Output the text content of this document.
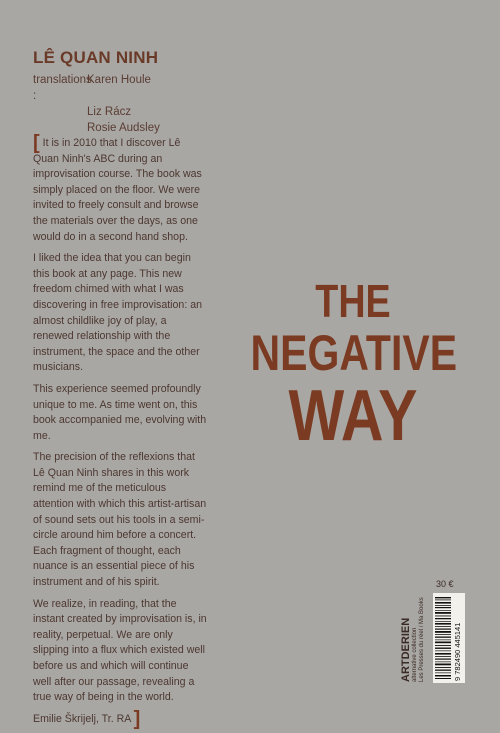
LÊ QUAN NINH
translations :
Karen Houle
Liz Rácz
Rosie Audsley

[ It is in 2010 that I discover Lê Quan Ninh's ABC during an improvisation course. The book was simply placed on the floor. We were invited to freely consult and browse the materials over the days, as one would do in a second hand shop.

I liked the idea that you can begin this book at any page. This new freedom chimed with what I was discovering in free improvisation: an almost childlike joy of play, a renewed relationship with the instrument, the space and the other musicians.

This experience seemed profoundly unique to me. As time went on, this book accompanied me, evolving with me.

The precision of the reflexions that Lê Quan Ninh shares in this work remind me of the meticulous attention with which this artist-artisan of sound sets out his tools in a semi-circle around him before a concert. Each fragment of thought, each nuance is an essential piece of his instrument and of his spirit.

We realize, in reading, that the instant created by improvisation is, in reality, perpetual. We are only slipping into a flux which existed well before us and which will continue well after our passage, revealing a true way of being in the world.

Emilie Škrijelj, Tr. RA ]

THE
NEGATIVE
WAY
30 €
ARTDERIEN alternative collection Les Presses du réel / Ma Books	9 782490 445141
